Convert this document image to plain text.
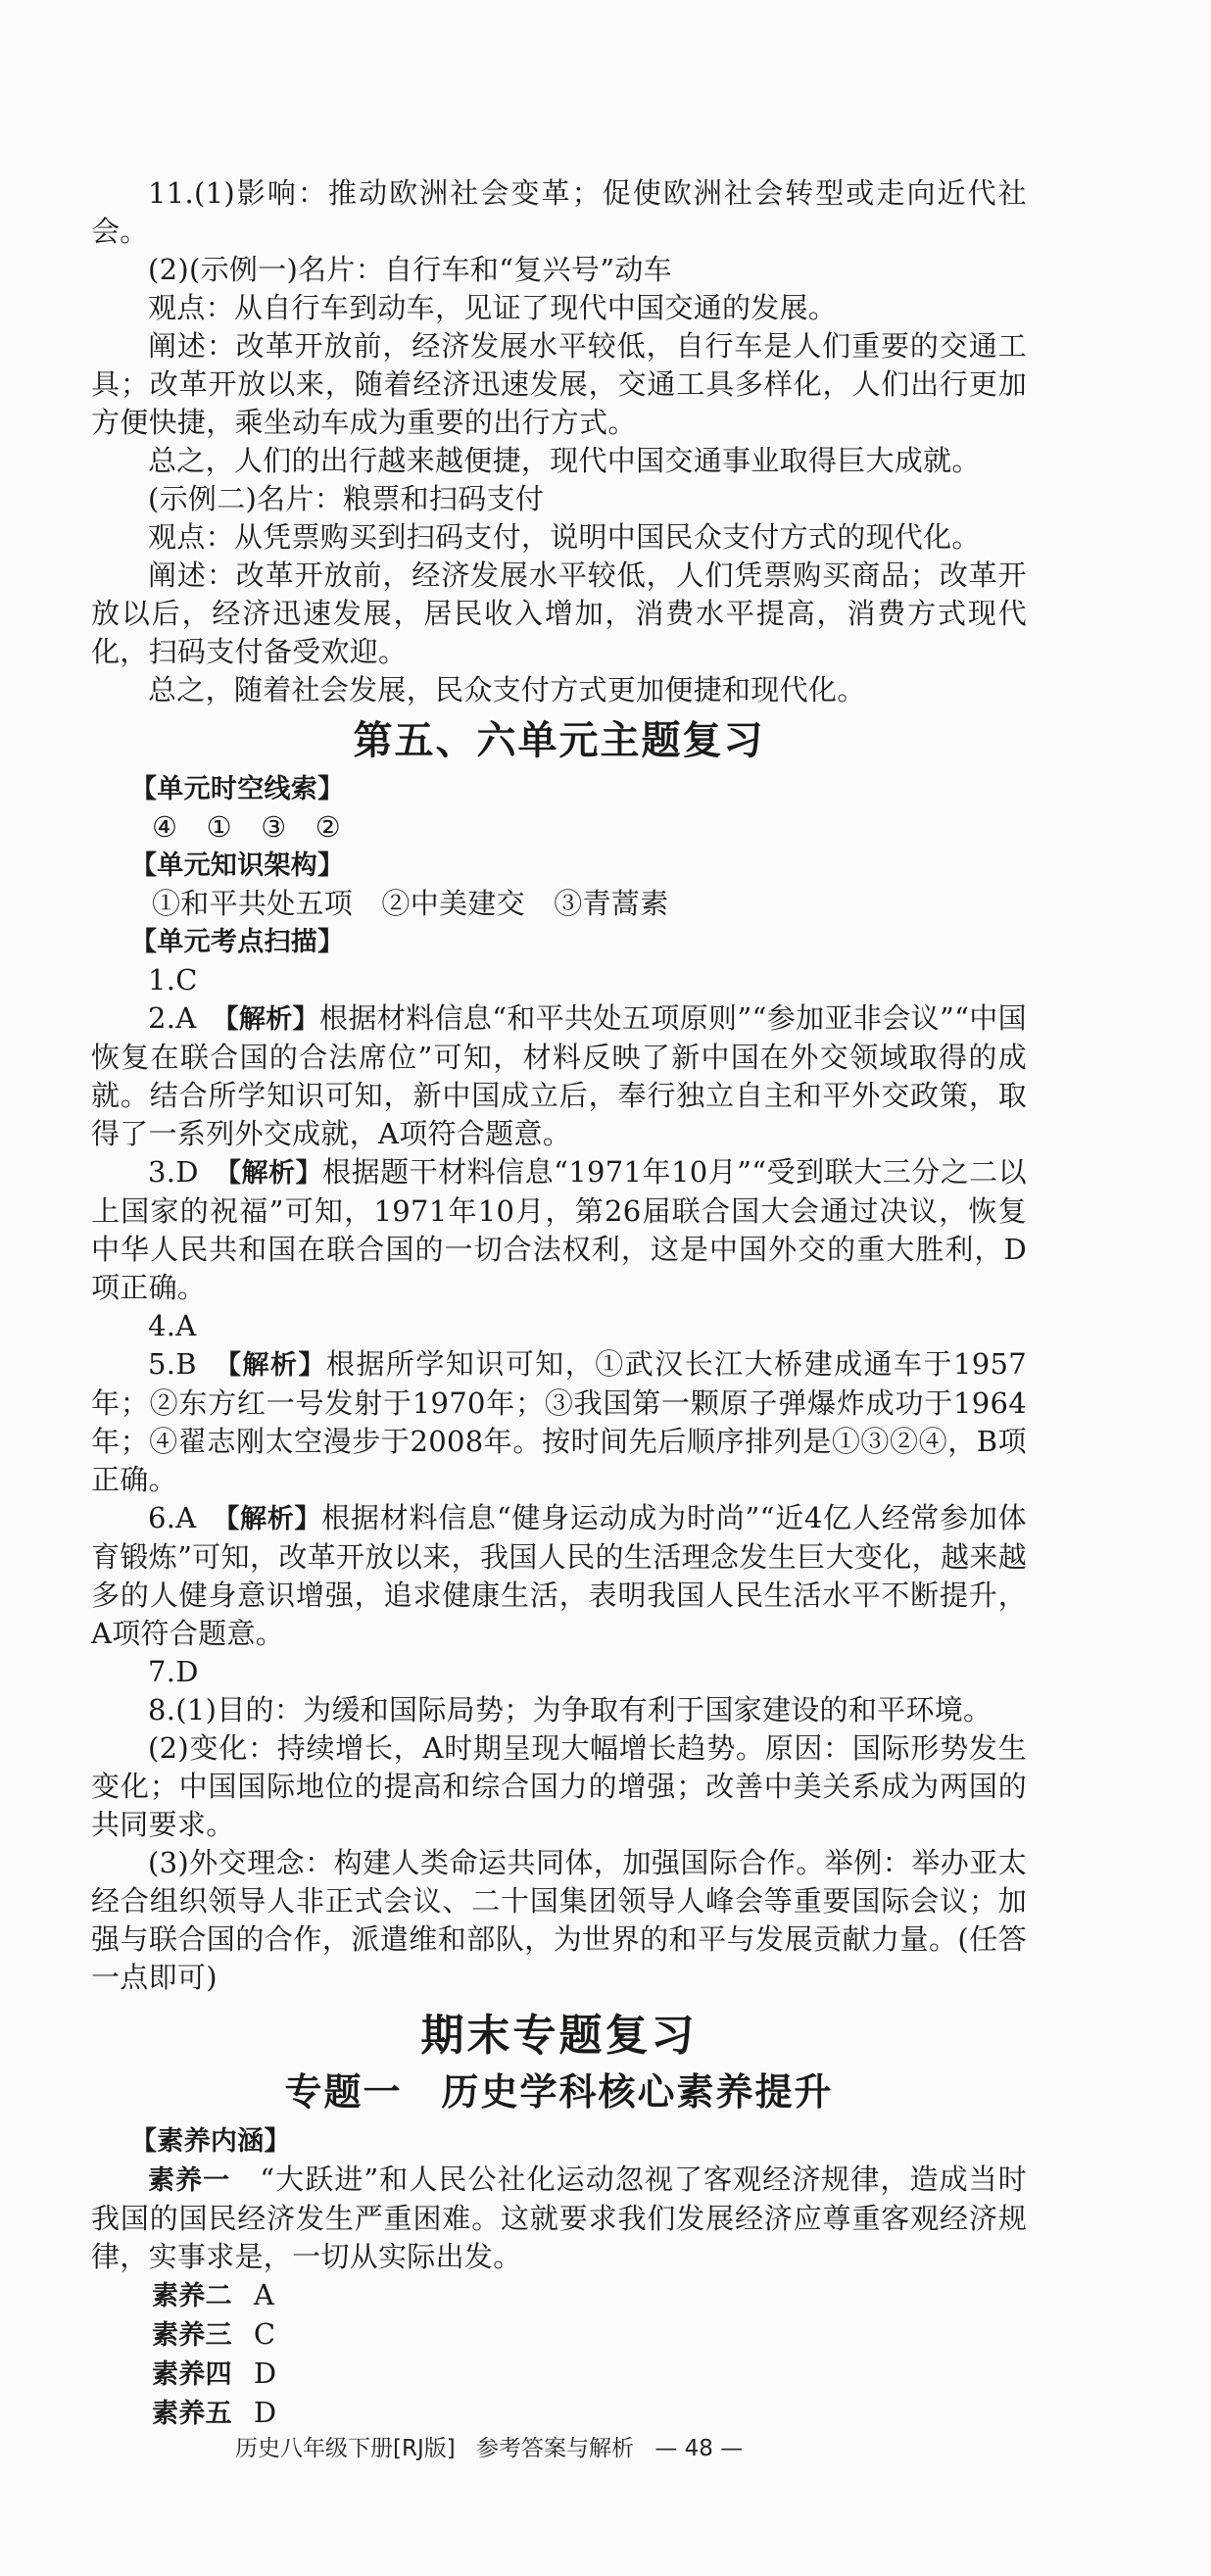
11.(1)影响：推动欧洲社会变革；促使欧洲社会转型或走向近代社会。

(2)(示例一)名片：自行车和“复兴号”动车

观点：从自行车到动车，见证了现代中国交通的发展。

阐述：改革开放前，经济发展水平较低，自行车是人们重要的交通工具；改革开放以来，随着经济迅速发展，交通工具多样化，人们出行更加方便快捷，乘坐动车成为重要的出行方式。

总之，人们的出行越来越便捷，现代中国交通事业取得巨大成就。

(示例二)名片：粮票和扫码支付

观点：从凭票购买到扫码支付，说明中国民众支付方式的现代化。

阐述：改革开放前，经济发展水平较低，人们凭票购买商品；改革开放以后，经济迅速发展，居民收入增加，消费水平提高，消费方式现代化，扫码支付备受欢迎。

总之，随着社会发展，民众支付方式更加便捷和现代化。

第五、六单元主题复习
【单元时空线索】
④　①　③　②
【单元知识架构】
①和平共处五项　②中美建交　③青蒿素
【单元考点扫描】

1.C

2.A　 【解析】根据材料信息“和平共处五项原则”“参加亚非会议”“中国恢复在联合国的合法席位”可知，材料反映了新中国在外交领域取得的成就。结合所学知识可知，新中国成立后，奉行独立自主和平外交政策，取得了一系列外交成就，A项符合题意。

3.D　 【解析】根据题干材料信息“1971年10月”“受到联大三分之二以上国家的祝福”可知，1971年10月，第26届联合国大会通过决议，恢复中华人民共和国在联合国的一切合法权利，这是中国外交的重大胜利，D项正确。

4.A

5.B　 【解析】根据所学知识可知，①武汉长江大桥建成通车于1957年；②东方红一号发射于1970年；③我国第一颗原子弹爆炸成功于1964年；④翟志刚太空漫步于2008年。按时间先后顺序排列是①③②④，B项正确。

6.A　 【解析】根据材料信息“健身运动成为时尚”“近4亿人经常参加体育锻炼”可知，改革开放以来，我国人民的生活理念发生巨大变化，越来越多的人健身意识增强，追求健康生活，表明我国人民生活水平不断提升，A项符合题意。

7.D

8.(1)目的：为缓和国际局势；为争取有利于国家建设的和平环境。

(2)变化：持续增长，A时期呈现大幅增长趋势。原因：国际形势发生变化；中国国际地位的提高和综合国力的增强；改善中美关系成为两国的共同要求。

(3)外交理念：构建人类命运共同体，加强国际合作。举例：举办亚太经合组织领导人非正式会议、二十国集团领导人峰会等重要国际会议；加强与联合国的合作，派遣维和部队，为世界的和平与发展贡献力量。(任答一点即可)

期末专题复习
专题一　历史学科核心素养提升
【素养内涵】

素养一　 “大跃进”和人民公社化运动忽视了客观经济规律，造成当时我国的国民经济发生严重困难。这就要求我们发展经济应尊重客观经济规律，实事求是，一切从实际出发。

素养二 A
素养三 C
素养四 D
素养五 D
历史八年级下册[RJ版] 参考答案与解析 — 48 —
